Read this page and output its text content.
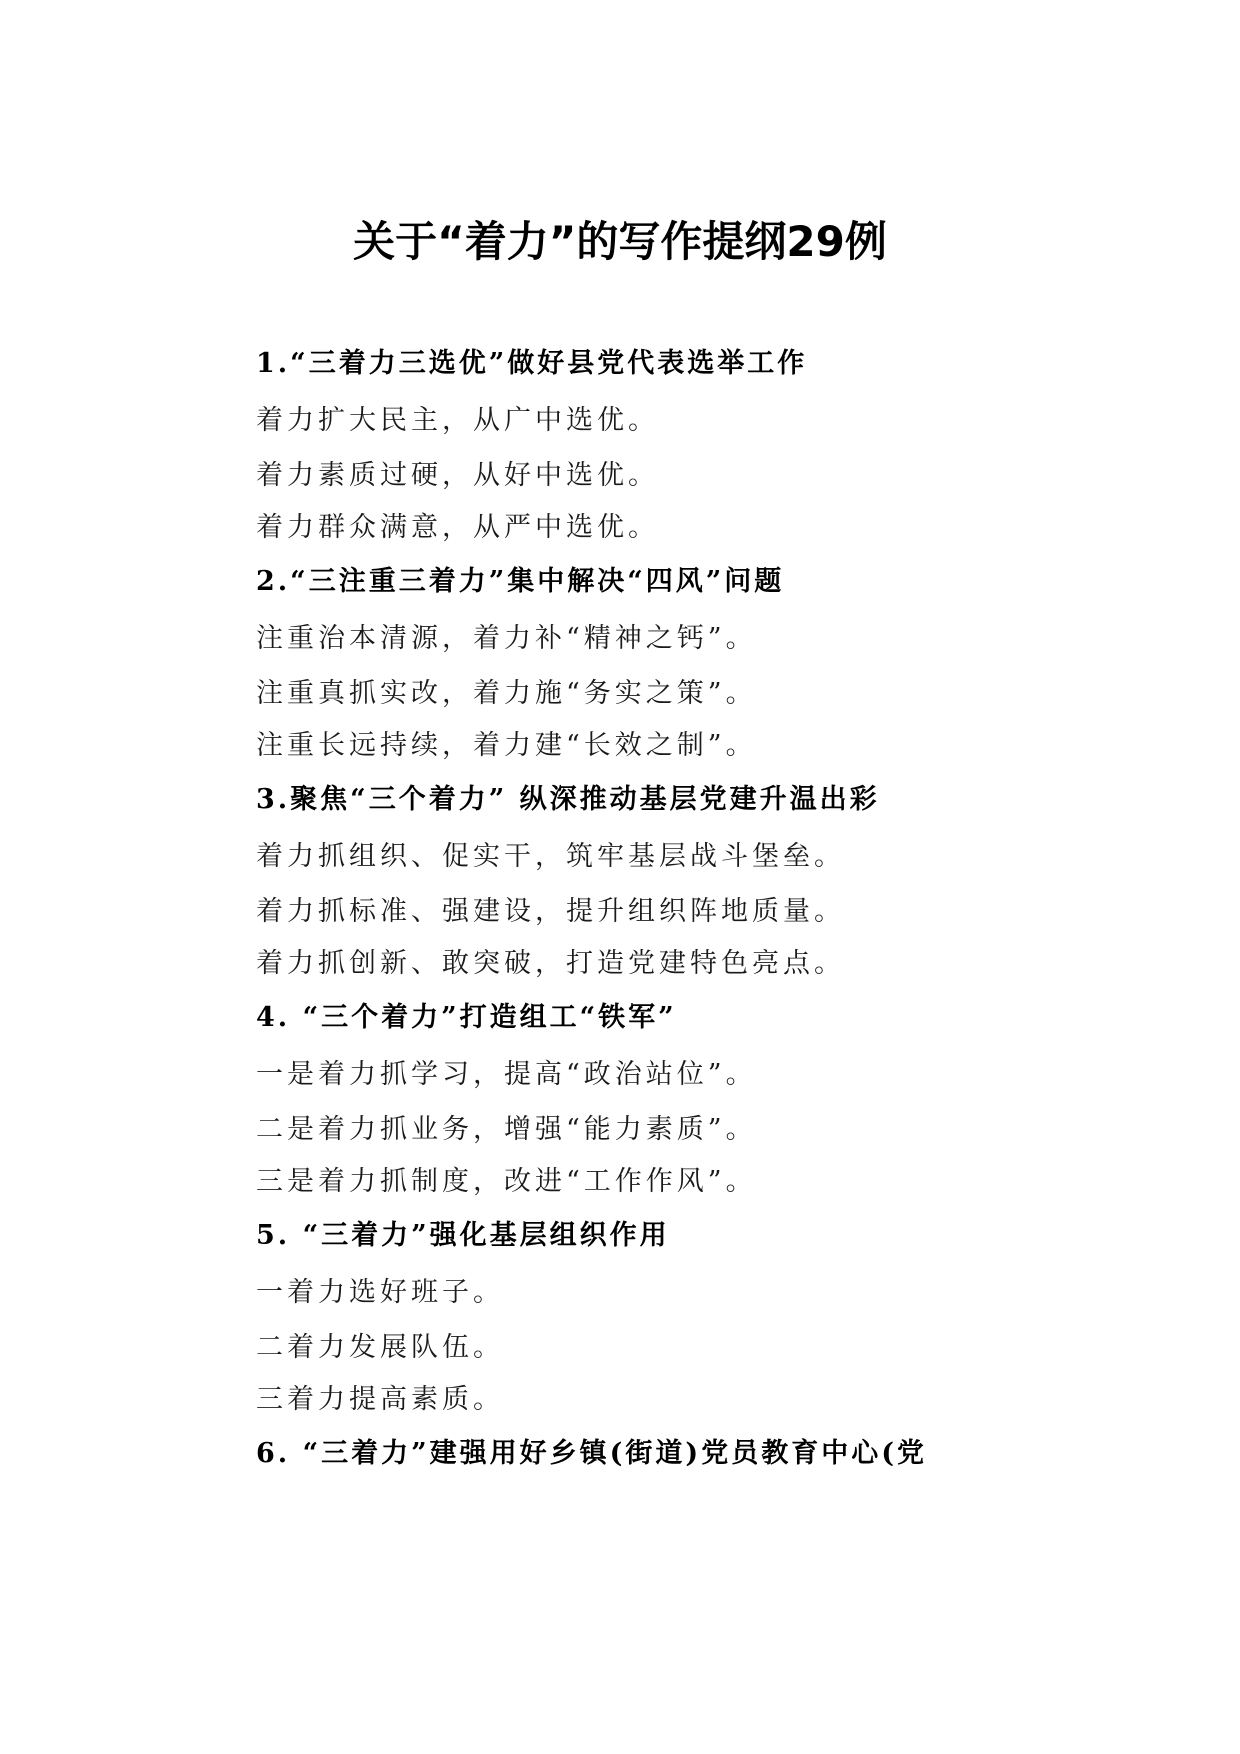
关于“着力”的写作提纲29例
1.“三着力三选优”做好县党代表选举工作
着力扩大民主，从广中选优。
着力素质过硬，从好中选优。
着力群众满意，从严中选优。
2.“三注重三着力”集中解决“四风”问题
注重治本清源，着力补“精神之钙”。
注重真抓实改，着力施“务实之策”。
注重长远持续，着力建“长效之制”。
3.聚焦“三个着力” 纵深推动基层党建升温出彩
着力抓组织、促实干，筑牢基层战斗堡垒。
着力抓标准、强建设，提升组织阵地质量。
着力抓创新、敢突破，打造党建特色亮点。
4. “三个着力”打造组工“铁军”
一是着力抓学习，提高“政治站位”。
二是着力抓业务，增强“能力素质”。
三是着力抓制度，改进“工作作风”。
5. “三着力”强化基层组织作用
一着力选好班子。
二着力发展队伍。
三着力提高素质。
6. “三着力”建强用好乡镇(街道)党员教育中心(党
